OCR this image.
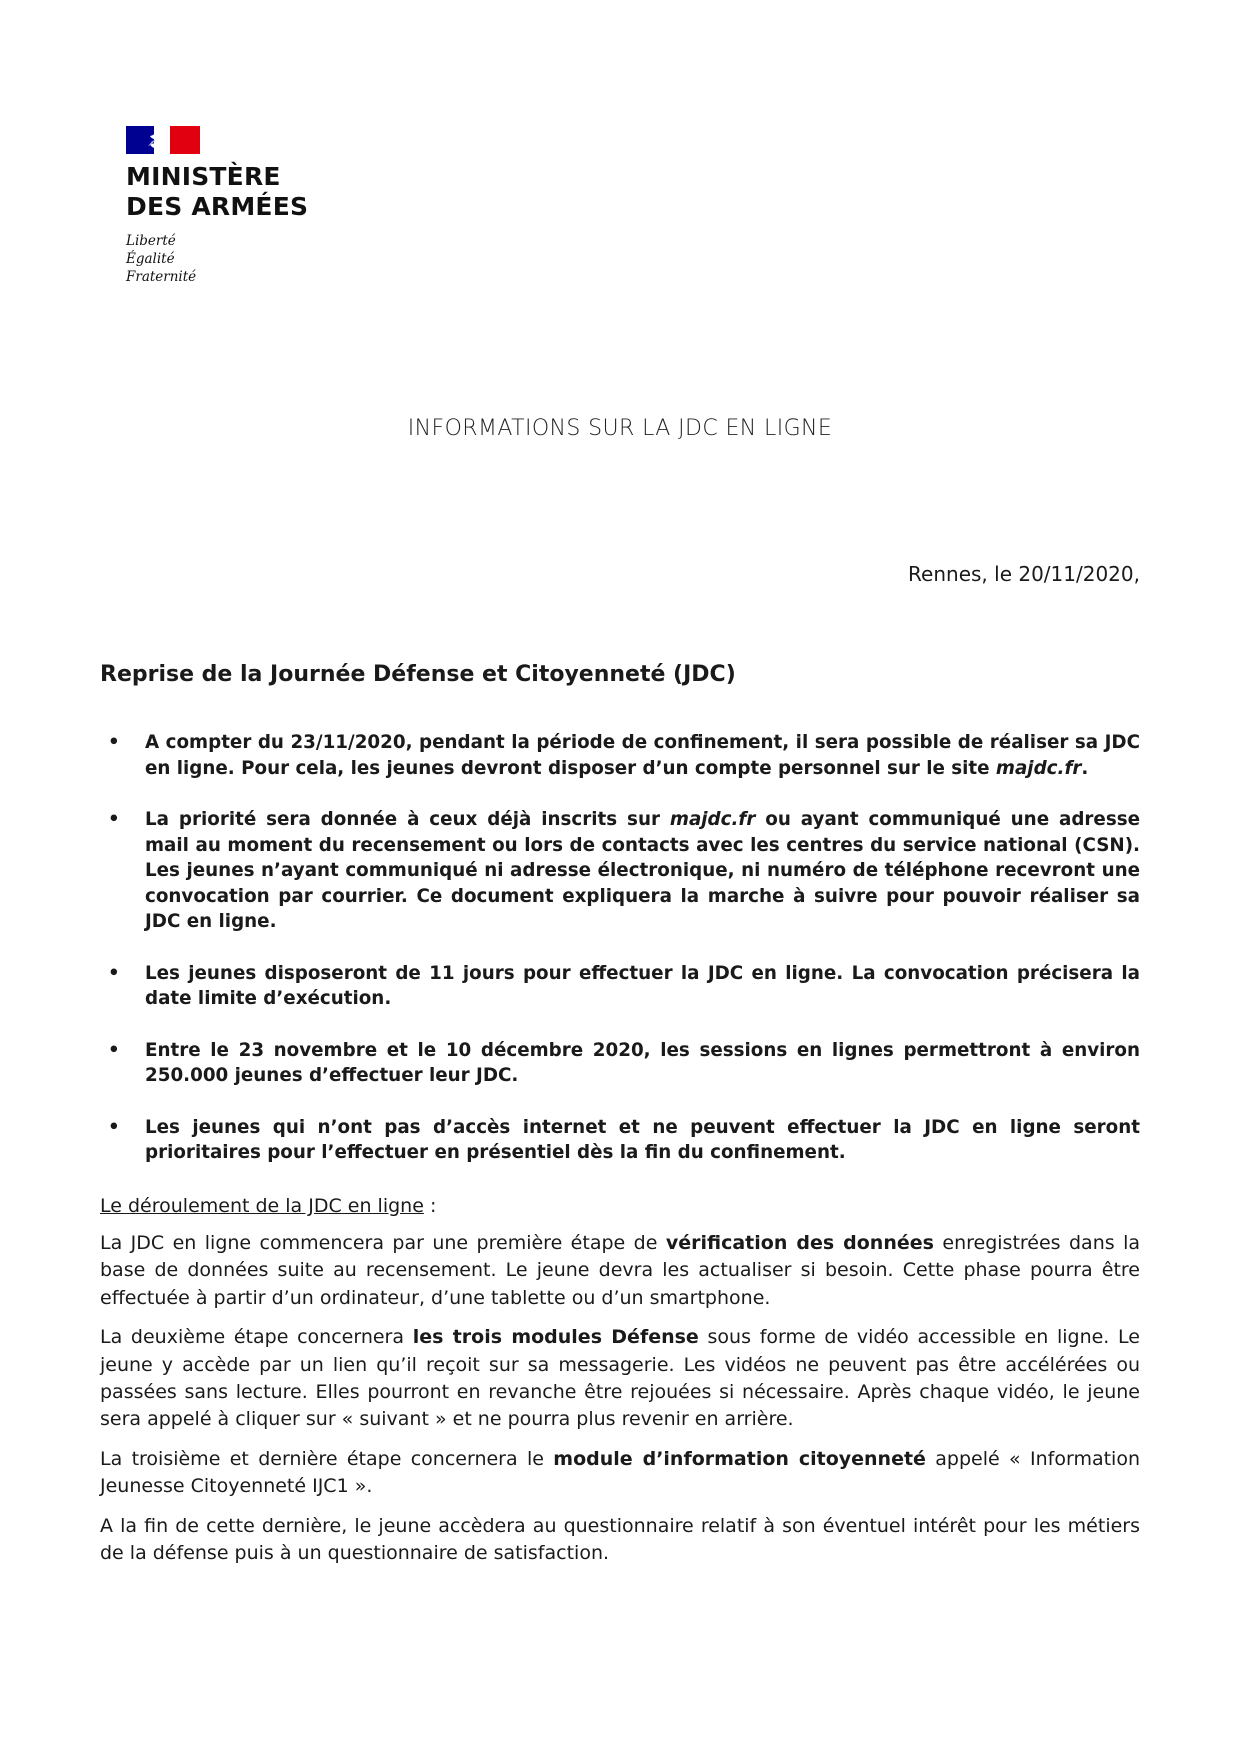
MINISTÈRE
DES ARMÉES
Liberté
Égalité
Fraternité
INFORMATIONS SUR LA JDC EN LIGNE
Rennes, le 20/11/2020,
Reprise de la Journée Défense et Citoyenneté (JDC)
• A compter du 23/11/2020, pendant la période de confinement, il sera possible de réaliser sa JDC en ligne. Pour cela, les jeunes devront disposer d’un compte personnel sur le site majdc.fr.
• La priorité sera donnée à ceux déjà inscrits sur majdc.fr ou ayant communiqué une adresse mail au moment du recensement ou lors de contacts avec les centres du service national (CSN). Les jeunes n’ayant communiqué ni adresse électronique, ni numéro de téléphone recevront une convocation par courrier. Ce document expliquera la marche à suivre pour pouvoir réaliser sa JDC en ligne.
• Les jeunes disposeront de 11 jours pour effectuer la JDC en ligne. La convocation précisera la date limite d’exécution.
• Entre le 23 novembre et le 10 décembre 2020, les sessions en lignes permettront à environ 250.000 jeunes d’effectuer leur JDC.
• Les jeunes qui n’ont pas d’accès internet et ne peuvent effectuer la JDC en ligne seront prioritaires pour l’effectuer en présentiel dès la fin du confinement.
Le déroulement de la JDC en ligne :

La JDC en ligne commencera par une première étape de vérification des données enregistrées dans la base de données suite au recensement. Le jeune devra les actualiser si besoin. Cette phase pourra être effectuée à partir d’un ordinateur, d’une tablette ou d’un smartphone.

La deuxième étape concernera les trois modules Défense sous forme de vidéo accessible en ligne. Le jeune y accède par un lien qu’il reçoit sur sa messagerie. Les vidéos ne peuvent pas être accélérées ou passées sans lecture. Elles pourront en revanche être rejouées si nécessaire. Après chaque vidéo, le jeune sera appelé à cliquer sur « suivant » et ne pourra plus revenir en arrière.

La troisième et dernière étape concernera le module d’information citoyenneté appelé « Information Jeunesse Citoyenneté IJC1 ».

A la fin de cette dernière, le jeune accèdera au questionnaire relatif à son éventuel intérêt pour les métiers de la défense puis à un questionnaire de satisfaction.
